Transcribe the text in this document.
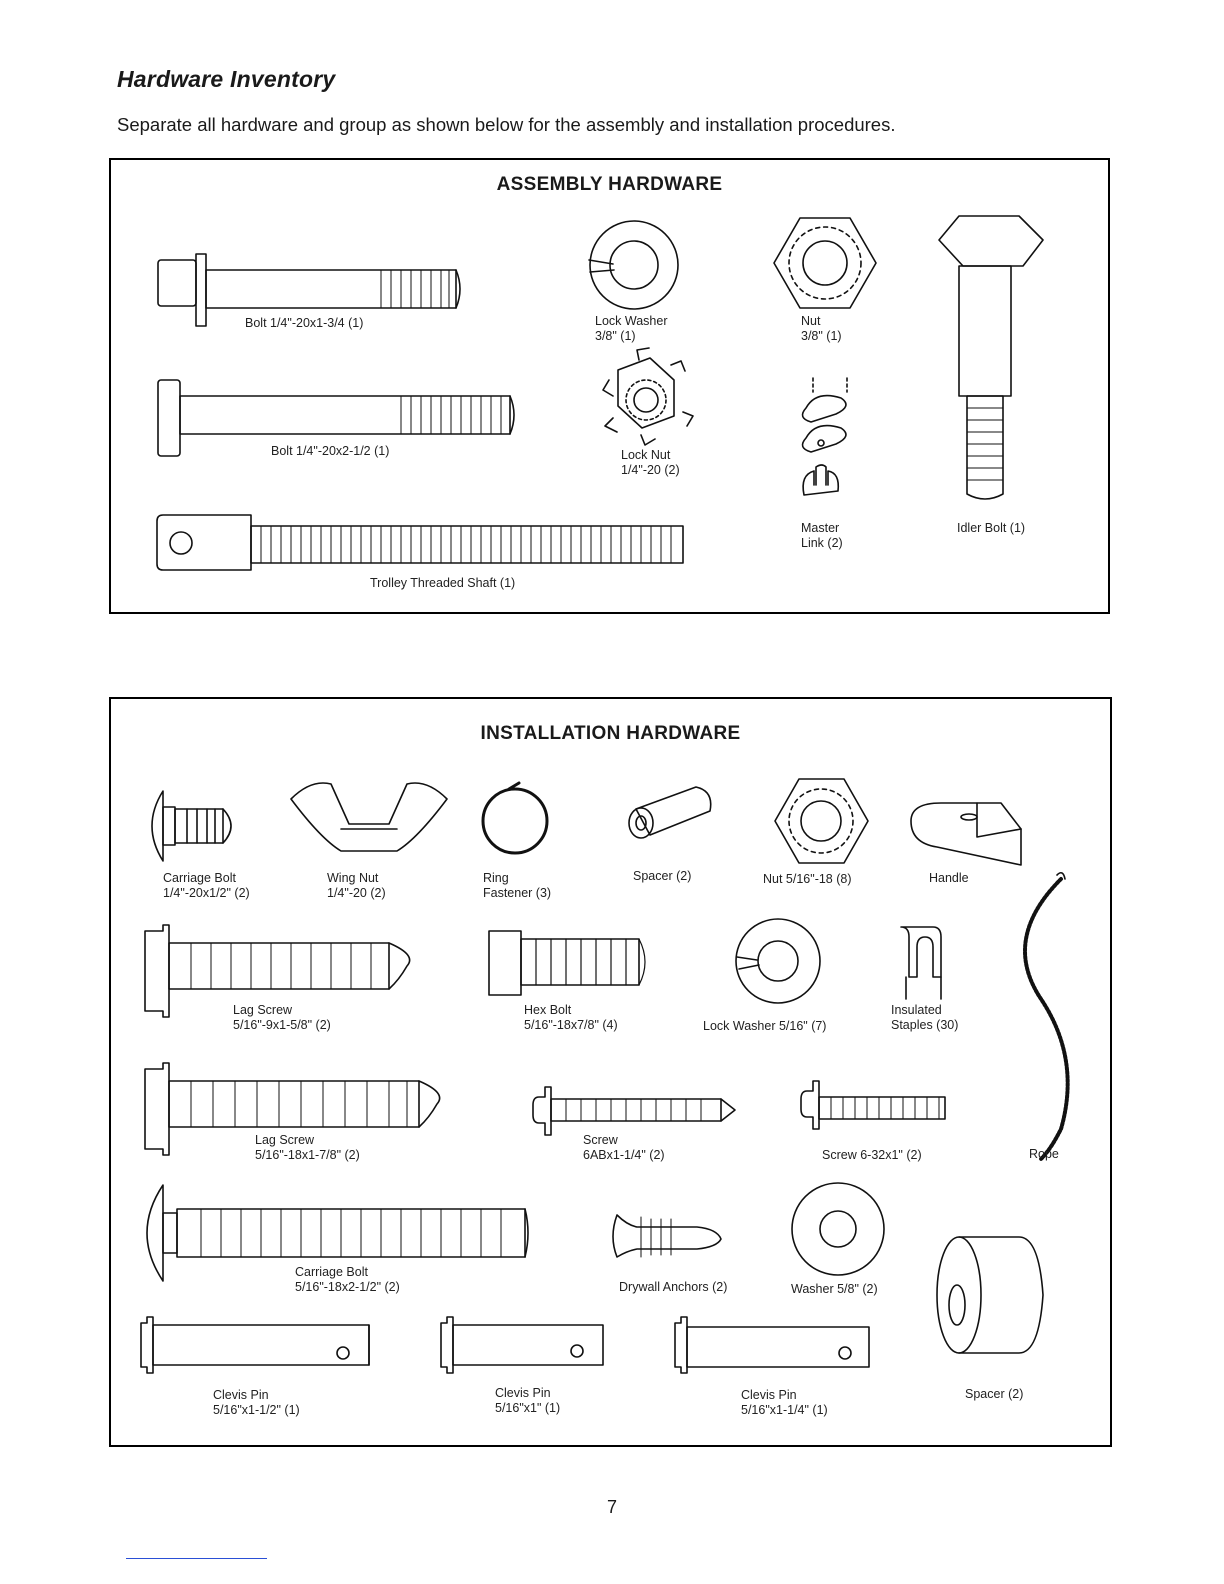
Hardware Inventory

Separate all hardware and group as shown below for the assembly and installation procedures.

ASSEMBLY HARDWARE
Bolt 1/4"-20x1-3/4 (1)
Bolt 1/4"-20x2-1/2 (1)
Trolley Threaded Shaft (1)
Lock Washer
3/8" (1)
Nut
3/8" (1)
Lock Nut
1/4"-20 (2)
Master
Link (2)
Idler Bolt (1)
INSTALLATION HARDWARE
Carriage Bolt
1/4"-20x1/2" (2)
Wing Nut
1/4"-20 (2)
Ring
Fastener (3)
Spacer (2)	Nut 5/16"-18 (8)	Handle
Lag Screw
5/16"-9x1-5/8" (2)
Hex Bolt
5/16"-18x7/8" (4)	Lock Washer 5/16" (7)
Insulated
Staples (30)
Lag Screw
5/16"-18x1-7/8" (2)
Screw
6ABx1-1/4" (2)	Screw 6-32x1" (2)	Rope
Carriage Bolt
5/16"-18x2-1/2" (2)	Drywall Anchors (2)	Washer 5/8" (2)
Clevis Pin
5/16"x1-1/2" (1)
Clevis Pin
5/16"x1" (1)
Clevis Pin
5/16"x1-1/4" (1)
Spacer (2)
7
